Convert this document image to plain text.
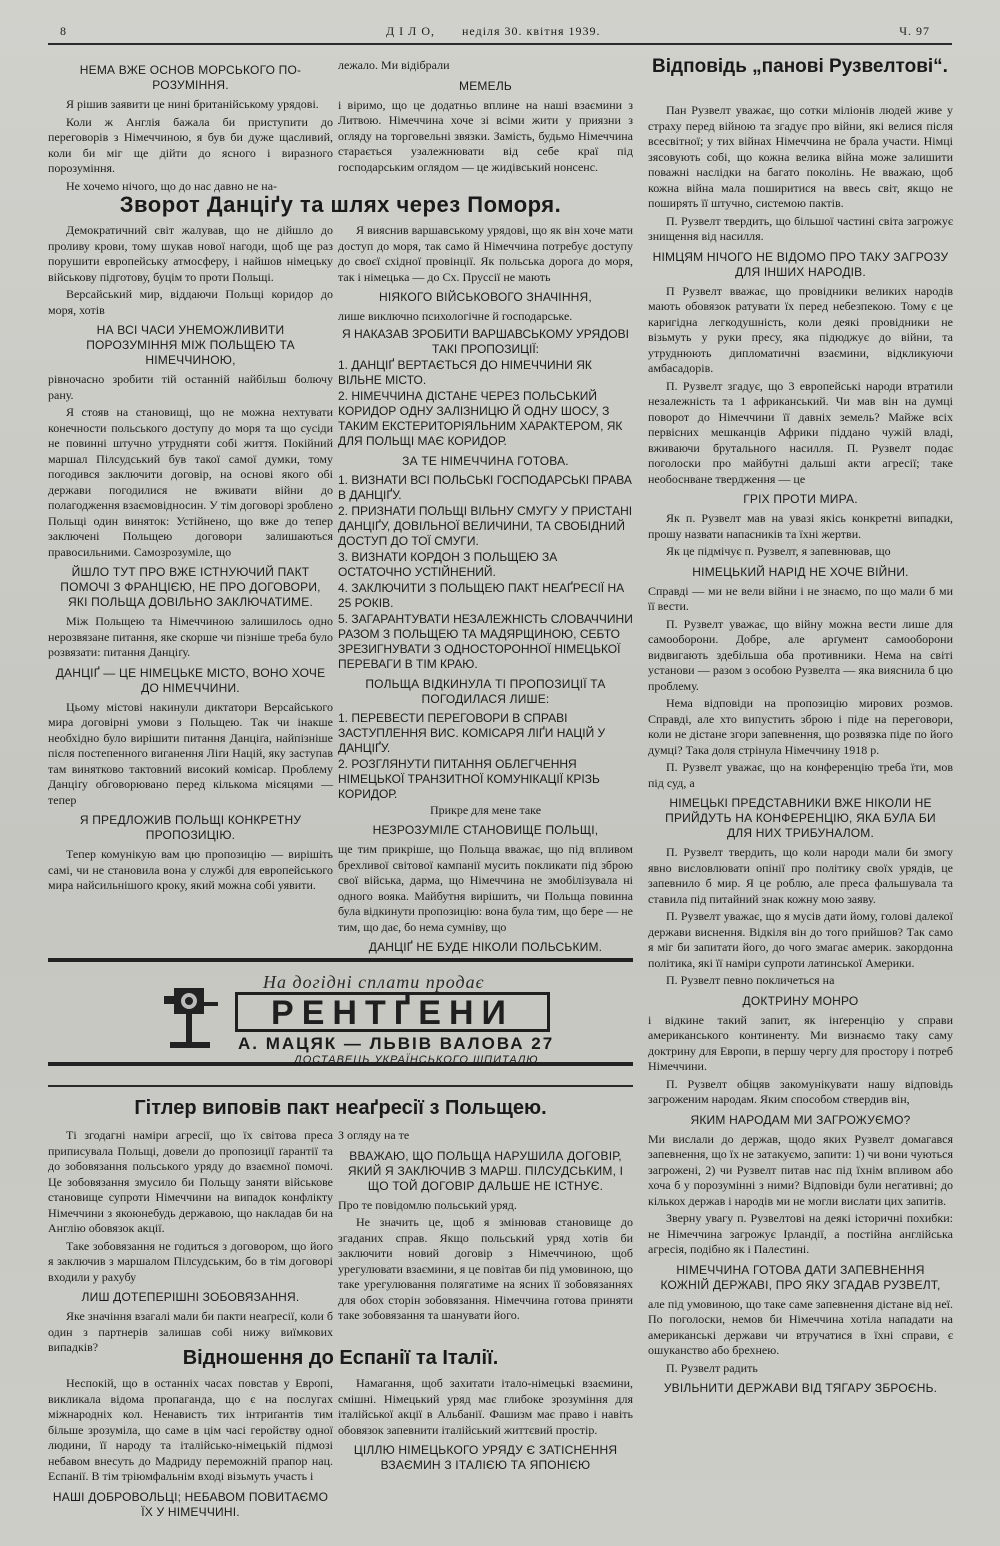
8	Д І Л О, неділя 30. квітня 1939.	Ч. 97
НЕМА ВЖЕ ОСНОВ МОРСЬКОГО ПО-РОЗУМІННЯ.

Я рішив заявити це нині британійському урядові.

Коли ж Англія бажала би приступити до переговорів з Німеччиною, я був би дуже щасливий, коли би міг ще дійти до ясного і виразного порозуміння.

Не хочемо нічого, що до нас давно не на-

лежало. Ми відібрали

МЕМЕЛЬ

і віримо, що це додатньо вплине на наші взаємини з Литвою. Німеччина хоче зі всіми жити у приязни з огляду на торговельні звязки. Замість, будьмо Німеччина старається узалежнювати від себе краї під господарським оглядом — це жидівський нонсенс.

Зворот Данціґу та шлях через Поморя.

Демократичний світ жалував, що не дійшло до проливу крови, тому шукав нової нагоди, щоб ще раз порушити европейську атмосферу, і найшов німецьку військову підготову, буцім то проти Польщі.

Версайський мир, віддаючи Польщі коридор до моря, хотів

НА ВСІ ЧАСИ УНЕМОЖЛИВИТИ ПОРОЗУМІННЯ МІЖ ПОЛЬЩЕЮ ТА НІМЕЧЧИНОЮ,

рівночасно зробити тій останній найбільш болючу рану.

Я стояв на становищі, що не можна нехтувати конечности польського доступу до моря та що сусіди не повинні штучно утрудняти собі життя. Покійний маршал Пілсудський був такої самої думки, тому погодився заключити договір, на основі якого обі держави погодилися не вживати війни до полагодження взаємовідносин. У тім договорі зроблено Польщі один виняток: Устійнено, що вже до тепер заключені Польщею договори залишаються правосильними. Самозрозуміле, що

ЙШЛО ТУТ ПРО ВЖЕ ІСТНУЮЧИЙ ПАКТ ПОМОЧІ З ФРАНЦІЄЮ, НЕ ПРО ДОГОВОРИ, ЯКІ ПОЛЬЩА ДОВІЛЬНО ЗАКЛЮЧАТИМЕ.

Між Польщею та Німеччиною залишилось одно нерозвязане питання, яке скорше чи пізніше треба було розвязати: питання Данціґу.

ДАНЦІҐ — ЦЕ НІМЕЦЬКЕ МІСТО, ВОНО ХОЧЕ ДО НІМЕЧЧИНИ.

Цьому містові накинули диктатори Версайського мира договірні умови з Польщею. Так чи інакше необхідно було вирішити питання Данціґа, найпізніше після постепенного виганення Ліґи Націй, яку заступав там винятково тактовний високий комісар. Проблему Данціґу обговорювано перед кількома місяцями — тепер

Я ПРЕДЛОЖИВ ПОЛЬЩІ КОНКРЕТНУ ПРОПОЗИЦІЮ.

Тепер комунікую вам цю пропозицію — вирішіть самі, чи не становила вона у службі для европейського мира найсильнішого кроку, який можна собі уявити.

Я вияснив варшавському урядові, що як він хоче мати доступ до моря, так само й Німеччина потребує доступу до своєї східної провінції. Як польська дорога до моря, так і німецька — до Сх. Пруссії не мають

НІЯКОГО ВІЙСЬКОВОГО ЗНАЧІННЯ,

лише виключно психологічне й господарське.

Я НАКАЗАВ ЗРОБИТИ ВАРШАВСЬКОМУ УРЯДОВІ ТАКІ ПРОПОЗИЦІЇ:
1. ДАНЦІҐ ВЕРТАЄТЬСЯ ДО НІМЕЧЧИНИ ЯК ВІЛЬНЕ МІСТО.
2. НІМЕЧЧИНА ДІСТАНЕ ЧЕРЕЗ ПОЛЬСЬКИЙ КОРИДОР ОДНУ ЗАЛІЗНИЦЮ Й ОДНУ ШОСУ, З ТАКИМ ЕКСТЕРИТОРІЯЛЬНИМ ХАРАКТЕРОМ, ЯК ДЛЯ ПОЛЬЩІ МАЄ КОРИДОР.
ЗА ТЕ НІМЕЧЧИНА ГОТОВА.
1. ВИЗНАТИ ВСІ ПОЛЬСЬКІ ГОСПОДАРСЬКІ ПРАВА В ДАНЦІҐУ.
2. ПРИЗНАТИ ПОЛЬЩІ ВІЛЬНУ СМУГУ У ПРИСТАНІ ДАНЦІҐУ, ДОВІЛЬНОЇ ВЕЛИЧИНИ, ТА СВОБІДНИЙ ДОСТУП ДО ТОЇ СМУГИ.
3. ВИЗНАТИ КОРДОН З ПОЛЬЩЕЮ ЗА ОСТАТОЧНО УСТІЙНЕНИЙ.
4. ЗАКЛЮЧИТИ З ПОЛЬЩЕЮ ПАКТ НЕАҐРЕСІЇ НА 25 РОКІВ.
5. ЗАГАРАНТУВАТИ НЕЗАЛЕЖНІСТЬ СЛОВАЧЧИНИ РАЗОМ З ПОЛЬЩЕЮ ТА МАДЯРЩИНОЮ, СЕБТО ЗРЕЗИГНУВАТИ З ОДНОСТОРОННОЇ НІМЕЦЬКОЇ ПЕРЕВАГИ В ТІМ КРАЮ.
ПОЛЬЩА ВІДКИНУЛА ТІ ПРОПОЗИЦІЇ ТА ПОГОДИЛАСЯ ЛИШЕ:
1. ПЕРЕВЕСТИ ПЕРЕГОВОРИ В СПРАВІ ЗАСТУПЛЕННЯ ВИС. КОМІСАРЯ ЛІҐИ НАЦІЙ У ДАНЦІҐУ.
2. РОЗГЛЯНУТИ ПИТАННЯ ОБЛЕГЧЕННЯ НІМЕЦЬКОЇ ТРАНЗИТНОЇ КОМУНІКАЦІЇ КРІЗЬ КОРИДОР.

Прикре для мене таке

НЕЗРОЗУМІЛЕ СТАНОВИЩЕ ПОЛЬЩІ,

ще тим прикріше, що Польща вважає, що під впливом брехливої світової кампанії мусить покликати під зброю свої війська, дарма, що Німеччина не змобілізувала ні одного вояка. Майбутня вирішить, чи Польща повинна була відкинути пропозицію: вона була тим, що бере — не тим, що дає, бо нема сумніву, що

ДАНЦІҐ НЕ БУДЕ НІКОЛИ ПОЛЬСЬКИМ.
На догідні сплати продає
РЕНТҐЕНИ
А. МАЦЯК — ЛЬВІВ ВАЛОВА 27
ДОСТАВЕЦЬ УКРАЇНСЬКОГО ШПИТАЛЮ
Гітлер виповів пакт неаґресії з Польщею.

Ті згодагні наміри агресії, що їх світова преса приписувала Польщі, довели до пропозиції ґарантії та до зобовязання польського уряду до взаємної помочі. Це зобовязання змусило би Польщу заняти військове становище супроти Німеччини на випадок конфлікту Німеччини з якоюнебудь державою, що накладав би на Англію обовязок акції.

Таке зобовязання не годиться з договором, що його я заключив з маршалом Пілсудським, бо в тім договорі входили у рахубу

ЛИШ ДОТЕПЕРІШНІ ЗОБОВЯЗАННЯ.

Яке значіння взагалі мали би пакти неаґресії, коли б один з партнерів залишав собі нижу виїмкових випадків?

З огляду на те

ВВАЖАЮ, ЩО ПОЛЬЩА НАРУШИЛА ДОГОВІР, ЯКИЙ Я ЗАКЛЮЧИВ З МАРШ. ПІЛСУДСЬКИМ, І ЩО ТОЙ ДОГОВІР ДАЛЬШЕ НЕ ІСТНУЄ.

Про те повідомлю польський уряд.

Не значить це, щоб я змінював становище до згаданих справ. Якщо польський уряд хотів би заключити новий договір з Німеччиною, щоб урегулювати взаємини, я це повітав би під умовиною, що таке урегулювання полягатиме на ясних її зобовязаннях для обох сторін зобовязання. Німеччина готова приняти таке зобовязання та шанувати його.

Відношення до Еспанії та Італії.

Неспокій, що в останніх часах повстав у Европі, викликала відома пропаганда, що є на послугах міжнародніх кол. Ненависть тих інтриґантів тим більше зрозуміла, що саме в цім часі геройству одної людини, її народу та італійсько-німецькій підмозі небавом внесуть до Мадриду переможній прапор нац. Еспанії. В тім тріюмфальнім вході візьмуть участь і

НАШІ ДОБРОВОЛЬЦІ; НЕБАВОМ ПОВИТАЄМО ЇХ У НІМЕЧЧИНІ.

Намагання, щоб захитати італо-німецькі взаємини, смішні. Німецький уряд має глибоке зрозуміння для італійської акції в Альбанії. Фашизм має право і навіть обовязок запевнити італійський життєвий простір.

ЦІЛЛЮ НІМЕЦЬКОГО УРЯДУ Є ЗАТІСНЕННЯ ВЗАЄМИН З ІТАЛІЄЮ ТА ЯПОНІЄЮ
Відповідь „панові Рузвелтові“.

Пан Рузвелт уважає, що сотки міліонів людей живе у страху перед війною та згадує про війни, які велися після всесвітної; у тих війнах Німеччина не брала участи. Німці зясовують собі, що кожна велика війна може залишити поважні наслідки на багато поколінь. Не вважаю, щоб кожна війна мала поширитися на ввесь світ, якщо не поширять її штучно, системою пактів.

П. Рузвелт твердить, що більшої частині світа загрожує знищення від насилля.

НІМЦЯМ НІЧОГО НЕ ВІДОМО ПРО ТАКУ ЗАГРОЗУ ДЛЯ ІНШИХ НАРОДІВ.

П Рузвелт вважає, що провідники великих народів мають обовязок ратувати їх перед небезпекою. Тому є це каригідна легкодушність, коли деякі провідники не візьмуть у руки пресу, яка підюджує до війни, та утруднюють дипломатичні взаємини, відкликуючи амбасадорів.

П. Рузвелт згадує, що 3 европейські народи втратили незалежність та 1 африканський. Чи мав він на думці поворот до Німеччини її давніх земель? Майже всіх первісних мешканців Африки піддано чужій владі, вживаючи брутального насилля. П. Рузвелт подає поголоски про майбутні дальші акти агресії; таке необоснване твердження — це

ГРІХ ПРОТИ МИРА.

Як п. Рузвелт мав на увазі якісь конкретні випадки, прошу назвати напасників та їхні жертви.

Як це підмічує п. Рузвелт, я запевнював, що

НІМЕЦЬКИЙ НАРІД НЕ ХОЧЕ ВІЙНИ.

Справді — ми не вели війни і не знаємо, по що мали б ми її вести.

П. Рузвелт уважає, що війну можна вести лише для самооборони. Добре, але арґумент самооборони видвигають здебільша оба противники. Нема на світі установи — разом з особою Рузвелта — яка вияснила б цю проблему.

Нема відповіди на пропозицію мирових розмов. Справді, але хто випустить зброю і піде на переговори, коли не дістане згори запевнення, що розвязка піде по його думці? Така доля стрінула Німеччину 1918 р.

П. Рузвелт уважає, що на конференцію треба їти, мов під суд, а

НІМЕЦЬКІ ПРЕДСТАВНИКИ ВЖЕ НІКОЛИ НЕ ПРИЙДУТЬ НА КОНФЕРЕНЦІЮ, ЯКА БУЛА БИ ДЛЯ НИХ ТРИБУНАЛОМ.

П. Рузвелт твердить, що коли народи мали би змогу явно висловлювати опінії про політику своїх урядів, це запевнило б мир. Я це роблю, але преса фальшувала та ставила під питайний знак кожну мою заяву.

П. Рузвелт уважає, що я мусів дати йому, голові далекої держави виснення. Відкіля він до того прийшов? Так само я міг би запитати його, до чого змагає америк. закордонна політика, які її наміри супроти латинської Америки.

П. Рузвелт певно покличеться на

ДОКТРИНУ МОНРО

і відкине такий запит, як інґеренцію у справи американського континенту. Ми визнаємо таку саму доктрину для Европи, в першу чергу для простору і потреб Німеччини.

П. Рузвелт обіцяв закомунікувати нашу відповідь загроженим народам. Яким способом ствердив він,

ЯКИМ НАРОДАМ МИ ЗАГРОЖУЄМО?

Ми вислали до держав, щодо яких Рузвелт домагався запевнення, що їх не затакуємо, запити: 1) чи вони чуються загрожені, 2) чи Рузвелт питав нас під їхнім впливом або хоча б у порозумінні з ними? Відповіди були негативні; до кількох держав і народів ми не могли вислати цих запитів.

Зверну увагу п. Рузвелтові на деякі історичні похибки: не Німеччина загрожує Ірландії, а постійна англійська агресія, подібно як і Палестині.

НІМЕЧЧИНА ГОТОВА ДАТИ ЗАПЕВНЕННЯ КОЖНІЙ ДЕРЖАВІ, ПРО ЯКУ ЗГАДАВ РУЗВЕЛТ,

але під умовиною, що таке саме запевнення дістане від неї. По поголоски, немов би Німеччина хотіла нападати на американські держави чи втручатися в їхні справи, є ошуканство або брехнею.

П. Рузвелт радить

УВІЛЬНИТИ ДЕРЖАВИ ВІД ТЯГАРУ ЗБРОЄНЬ.
